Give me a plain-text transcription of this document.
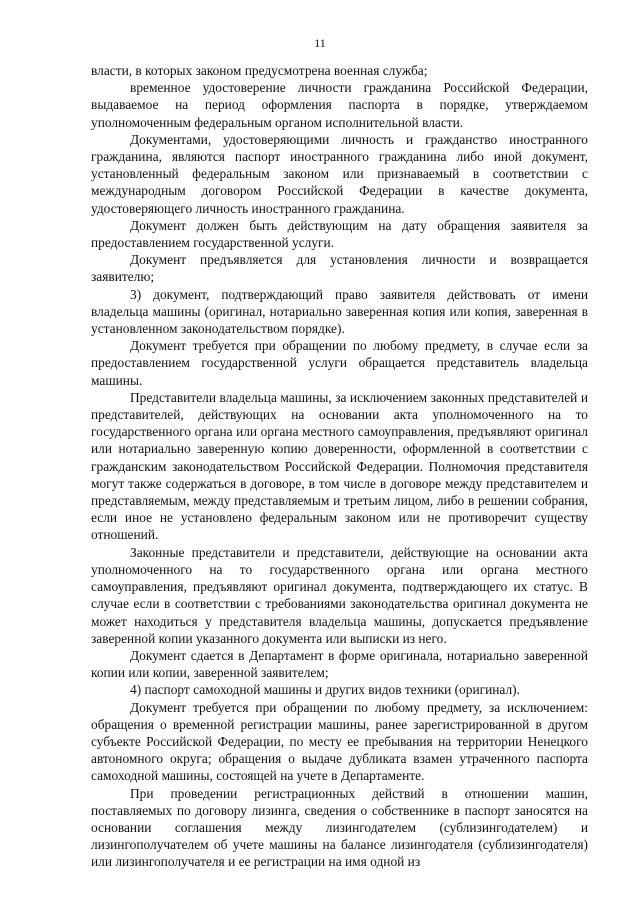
11

власти, в которых законом предусмотрена военная служба;

временное удостоверение личности гражданина Российской Федерации, выдаваемое на период оформления паспорта в порядке, утверждаемом уполномоченным федеральным органом исполнительной власти.

Документами, удостоверяющими личность и гражданство иностранного гражданина, являются паспорт иностранного гражданина либо иной документ, установленный федеральным законом или признаваемый в соответствии с международным договором Российской Федерации в качестве документа, удостоверяющего личность иностранного гражданина.

Документ должен быть действующим на дату обращения заявителя за предоставлением государственной услуги.

Документ предъявляется для установления личности и возвращается заявителю;

3) документ, подтверждающий право заявителя действовать от имени владельца машины (оригинал, нотариально заверенная копия или копия, заверенная в установленном законодательством порядке).

Документ требуется при обращении по любому предмету, в случае если за предоставлением государственной услуги обращается представитель владельца машины.

Представители владельца машины, за исключением законных представителей и представителей, действующих на основании акта уполномоченного на то государственного органа или органа местного самоуправления, предъявляют оригинал или нотариально заверенную копию доверенности, оформленной в соответствии с гражданским законодательством Российской Федерации. Полномочия представителя могут также содержаться в договоре, в том числе в договоре между представителем и представляемым, между представляемым и третьим лицом, либо в решении собрания, если иное не установлено федеральным законом или не противоречит существу отношений.

Законные представители и представители, действующие на основании акта уполномоченного на то государственного органа или органа местного самоуправления, предъявляют оригинал документа, подтверждающего их статус. В случае если в соответствии с требованиями законодательства оригинал документа не может находиться у представителя владельца машины, допускается предъявление заверенной копии указанного документа или выписки из него.

Документ сдается в Департамент в форме оригинала, нотариально заверенной копии или копии, заверенной заявителем;

4) паспорт самоходной машины и других видов техники (оригинал).

Документ требуется при обращении по любому предмету, за исключением: обращения о временной регистрации машины, ранее зарегистрированной в другом субъекте Российской Федерации, по месту ее пребывания на территории Ненецкого автономного округа; обращения о выдаче дубликата взамен утраченного паспорта самоходной машины, состоящей на учете в Департаменте.

При проведении регистрационных действий в отношении машин, поставляемых по договору лизинга, сведения о собственнике в паспорт заносятся на основании соглашения между лизингодателем (сублизингодателем) и лизингополучателем об учете машины на балансе лизингодателя (сублизингодателя) или лизингополучателя и ее регистрации на имя одной из
